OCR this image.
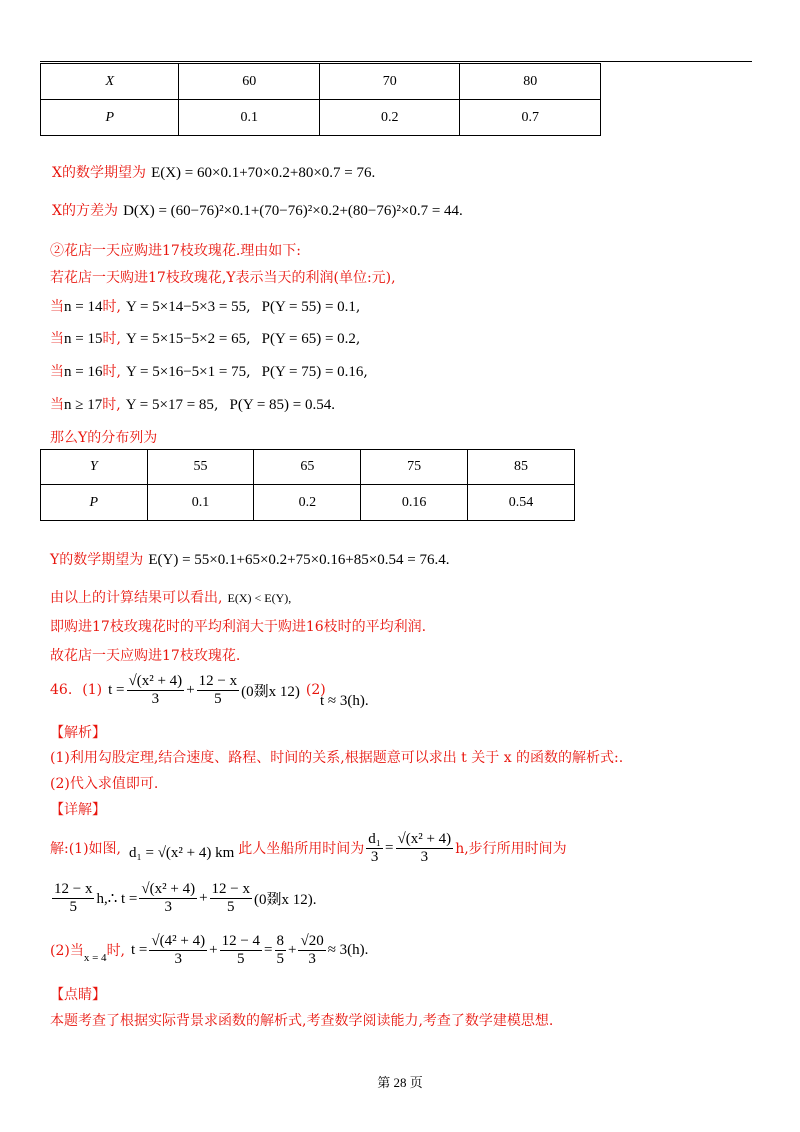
X	60	70	80
P	0.1	0.2	0.7
X的数学期望为 E(X) = 60×0.1+70×0.2+80×0.7 = 76.
X的方差为 D(X) = (60−76)²×0.1+(70−76)²×0.2+(80−76)²×0.7 = 44.
②花店一天应购进17枝玫瑰花.理由如下:
若花店一天购进17枝玫瑰花,Y表示当天的利润(单位:元),
当n = 14时, Y = 5×14−5×3 = 55, P(Y = 55) = 0.1,
当n = 15时, Y = 5×15−5×2 = 65, P(Y = 65) = 0.2,
当n = 16时, Y = 5×16−5×1 = 75, P(Y = 75) = 0.16,
当n ≥ 17时, Y = 5×17 = 85, P(Y = 85) = 0.54.
那么Y的分布列为
Y	55	65	75	85
P	0.1	0.2	0.16	0.54
Y的数学期望为 E(Y) = 55×0.1+65×0.2+75×0.16+85×0.54 = 76.4.
由以上的计算结果可以看出, E(X) < E(Y),
即购进17枝玫瑰花时的平均利润大于购进16枝时的平均利润.
故花店一天应购进17枝玫瑰花.
46. (1) $t = \frac{\text{√(x² + 4)}}{3} + \frac{12 - x}{5} (0$剟x 12) (2)
t ≈ 3(h).
【解析】
(1)利用勾股定理,结合速度、路程、时间的关系,根据题意可以求出 t 关于 x 的函数的解析式:.
(2)代入求值即可.
【详解】
解:(1)如图, d₁ = √(x² + 4) km 此人坐船所用时间为 $\frac{\text{d₁}}{3} = \frac{\text{√(x² + 4)}}{3} h$,步行所用时间为
$\frac{12 - x}{5}$ h,∴ $t = \frac{\text{√(x² + 4)}}{3} + \frac{12 - x}{5} (0$剟x 12).
(2)当 x = 4 时, $t = \frac{\text{√(4² + 4)}}{3} + \frac{12 - 4}{5} = \frac{8}{5} + \frac{√20}{3} \approx 3(h)$.
【点睛】
本题考查了根据实际背景求函数的解析式,考查数学阅读能力,考查了数学建模思想.
第 28 页
